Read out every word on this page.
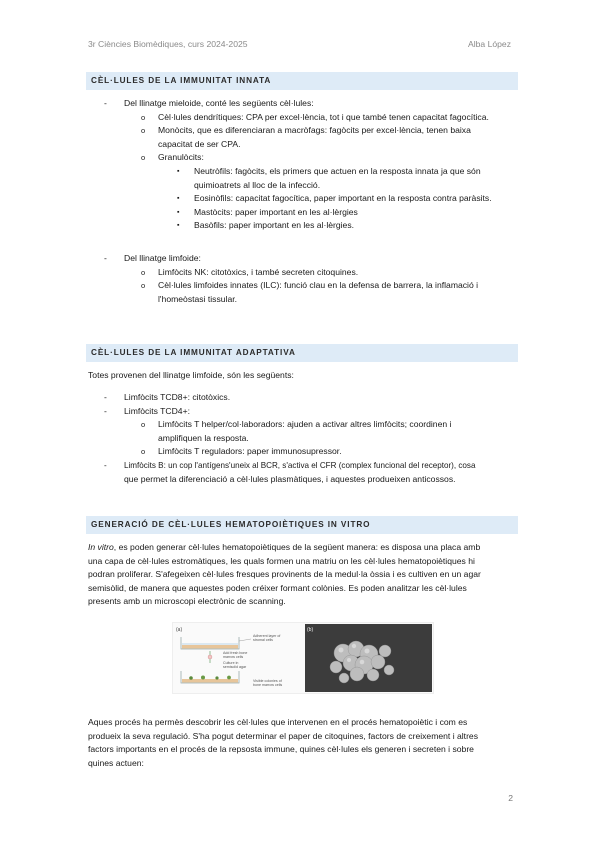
3r Ciències Biomèdiques, curs 2024-2025	Alba López
CÈL·LULES DE LA IMMUNITAT INNATA

- Del llinatge mieloide, conté les següents cèl·lules:

o Cèl·lules dendrítiques: CPA per excel·lència, tot i que també tenen capacitat fagocítica.

o Monòcits, que es diferenciaran a macròfags: fagòcits per excel·lència, tenen baixa

capacitat de ser CPA.

o Granulòcits:

▪ Neutròfils: fagòcits, els primers que actuen en la resposta innata ja que són

quimioatrets al lloc de la infecció.

▪ Eosinòfils: capacitat fagocítica, paper important en la resposta contra paràsits.

▪ Mastòcits: paper important en les al·lèrgies

▪ Basòfils: paper important en les al·lèrgies.

- Del llinatge limfoide:

o Limfòcits NK: citotòxics, i també secreten citoquines.

o Cèl·lules limfoides innates (ILC): funció clau en la defensa de barrera, la inflamació i

l'homeòstasi tissular.

CÈL·LULES DE LA IMMUNITAT ADAPTATIVA

Totes provenen del llinatge limfoide, són les següents:

- Limfòcits TCD8+: citotòxics.

- Limfòcits TCD4+:

o Limfòcits T helper/col·laboradors: ajuden a activar altres limfòcits; coordinen i

amplifiquen la resposta.

o Limfòcits T reguladors: paper immunosupressor.

- Limfòcits B: un cop l'antígens'uneix al BCR, s'activa el CFR (complex funcional del receptor), cosa

que permet la diferenciació a cèl·lules plasmàtiques, i aquestes produeixen anticossos.

GENERACIÓ DE CÈL·LULES HEMATOPOIÈTIQUES IN VITRO

In vitro, es poden generar cèl·lules hematopoiètiques de la següent manera: es disposa una placa amb

una capa de cèl·lules estromàtiques, les quals formen una matriu on les cèl·lules hematopoiètiques hi

podran proliferar. S'afegeixen cèl·lules fresques provinents de la medul·la òssia i es cultiven en un agar

semisòlid, de manera que aquestes poden créixer formant colònies. Es poden analitzar les cèl·lules

presents amb un microscopi electrònic de scanning.

(a)
Adherent layer of
stromal cells
Add fresh bone
marrow cells
Culture in
semisolid agar
Visible colonies of
bone marrow cells
(b)

Aques procés ha permès descobrir les cèl·lules que intervenen en el procés hematopoiètic i com es

produeix la seva regulació. S'ha pogut determinar el paper de citoquines, factors de creixement i altres

factors importants en el procés de la repsosta immune, quines cèl·lules els generen i secreten i sobre

quines actuen:

2
